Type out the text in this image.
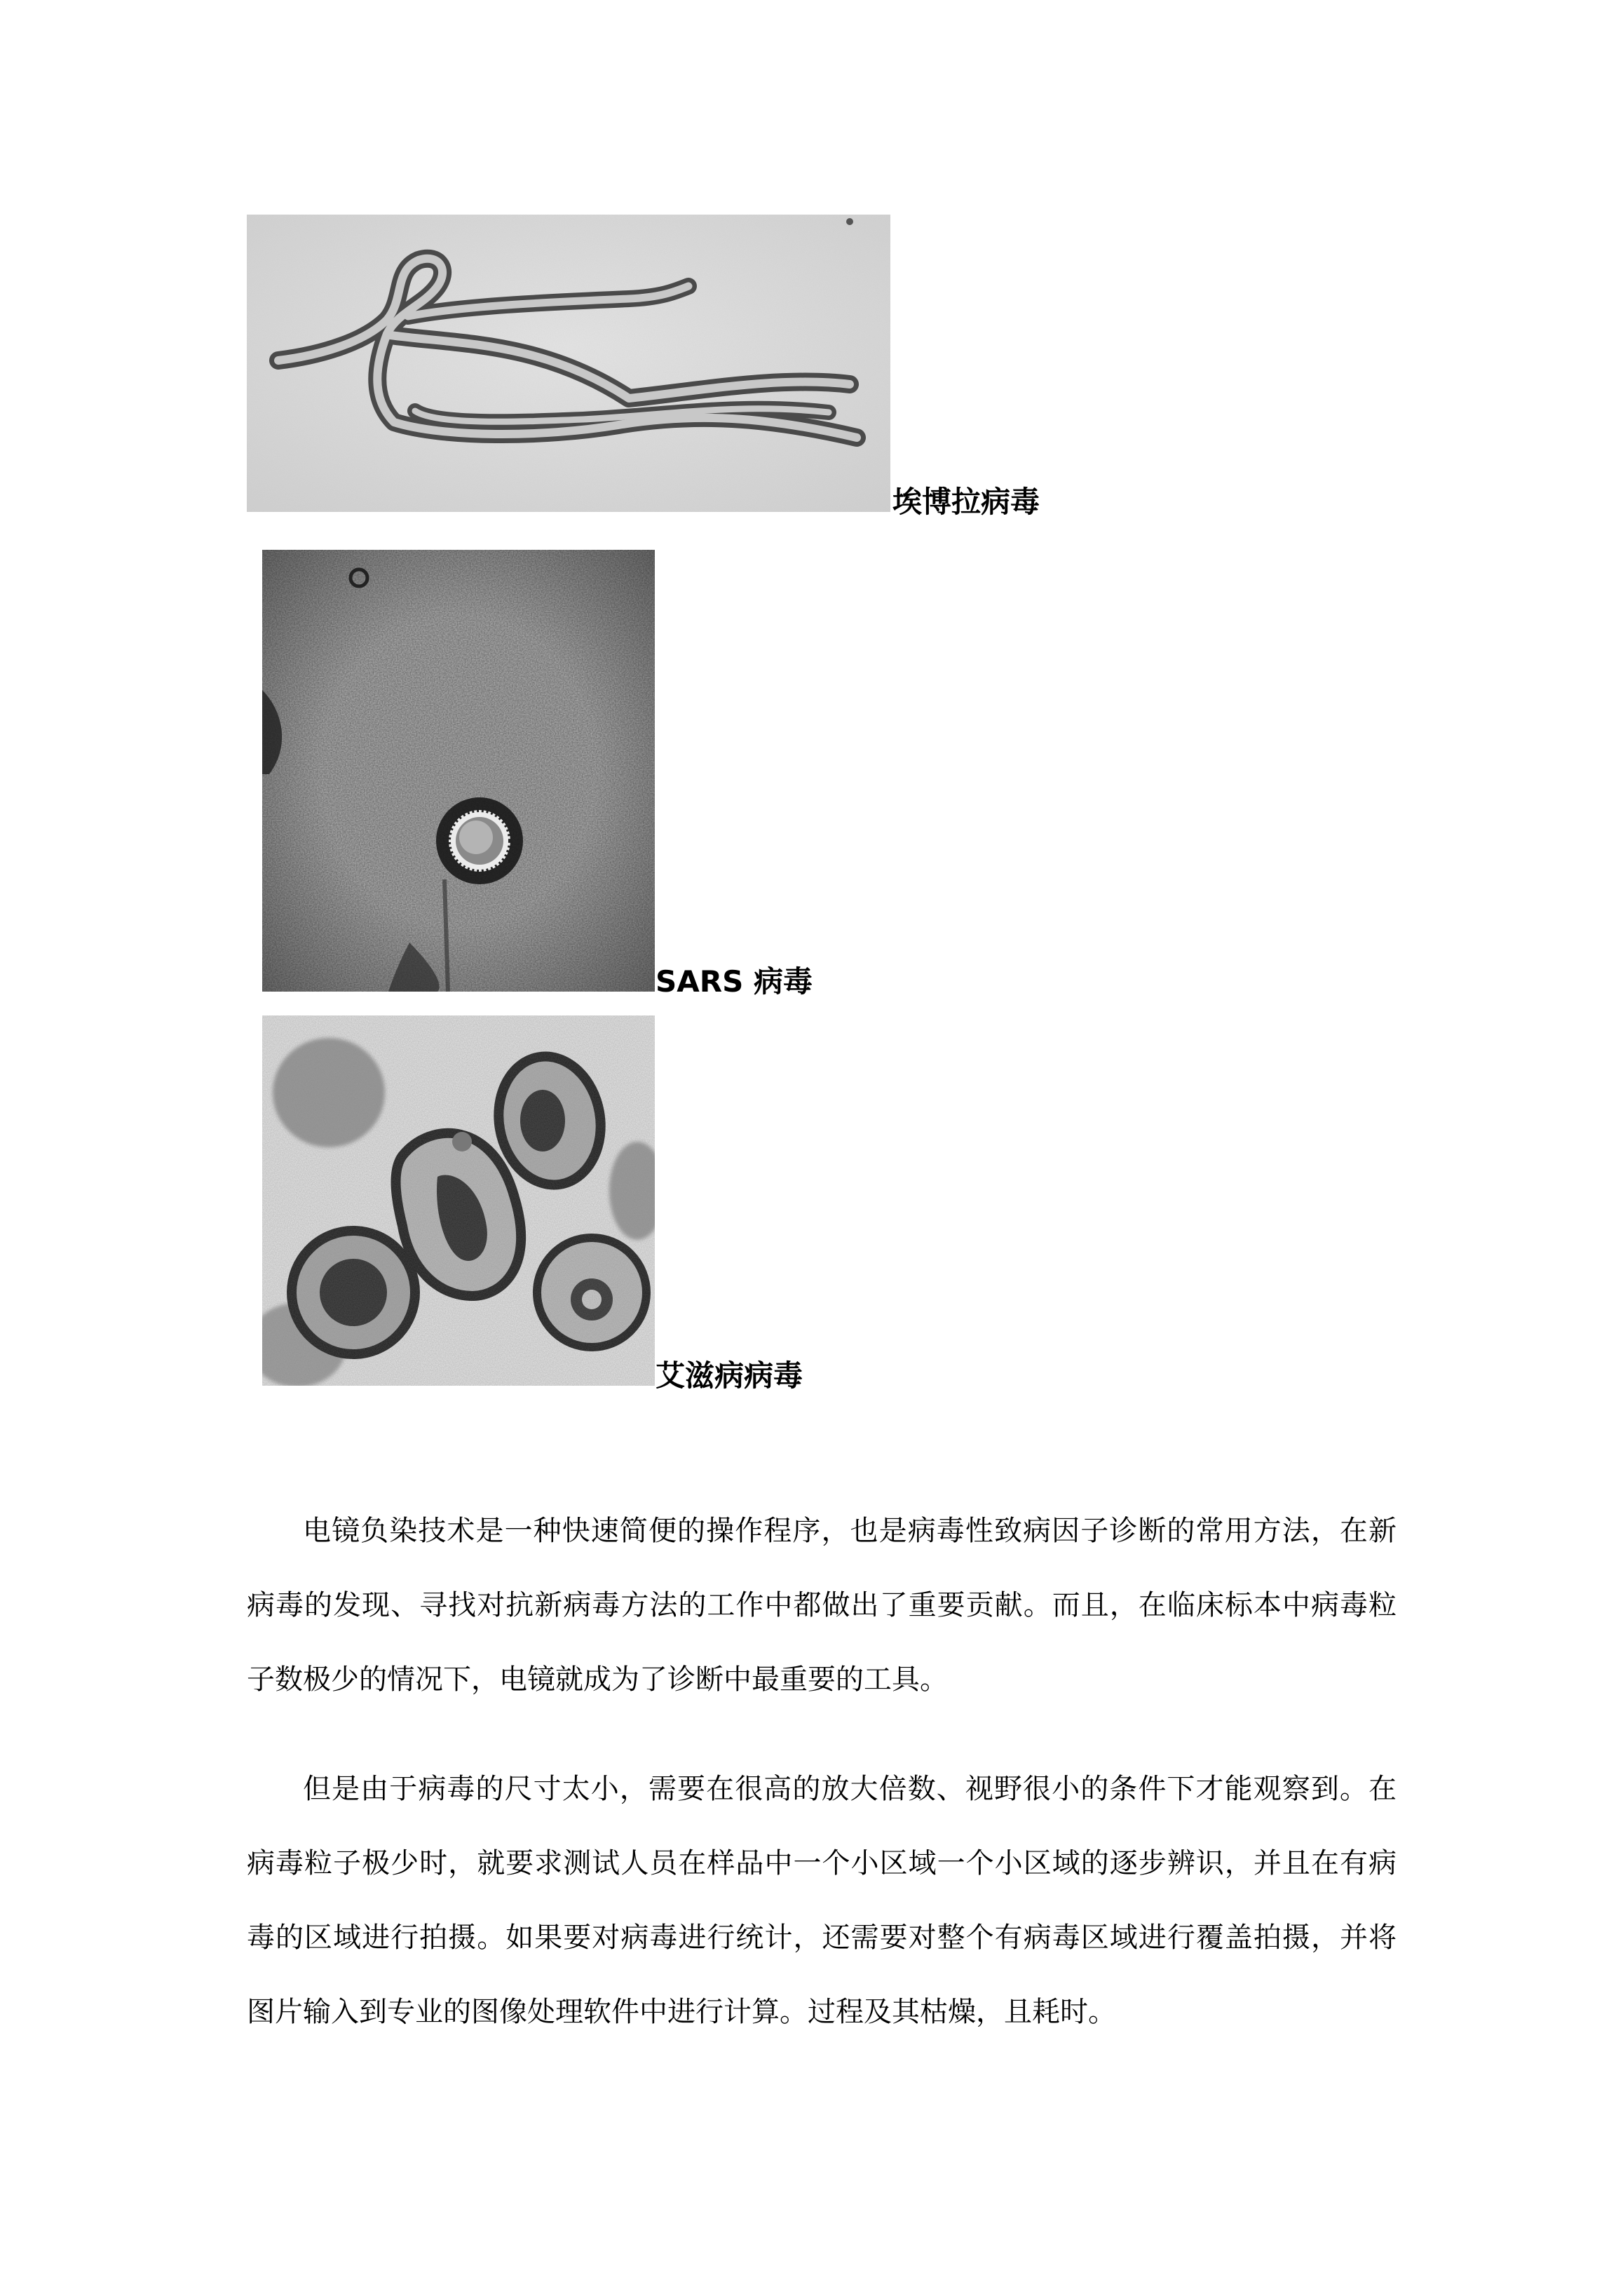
埃博拉病毒
SARS 病毒
艾滋病病毒
电镜负染技术是一种快速简便的操作程序，也是病毒性致病因子诊断的常用方法，在新
病毒的发现、寻找对抗新病毒方法的工作中都做出了重要贡献。而且，在临床标本中病毒粒
子数极少的情况下，电镜就成为了诊断中最重要的工具。
但是由于病毒的尺寸太小，需要在很高的放大倍数、视野很小的条件下才能观察到。在
病毒粒子极少时，就要求测试人员在样品中一个小区域一个小区域的逐步辨识，并且在有病
毒的区域进行拍摄。如果要对病毒进行统计，还需要对整个有病毒区域进行覆盖拍摄，并将
图片输入到专业的图像处理软件中进行计算。过程及其枯燥，且耗时。
